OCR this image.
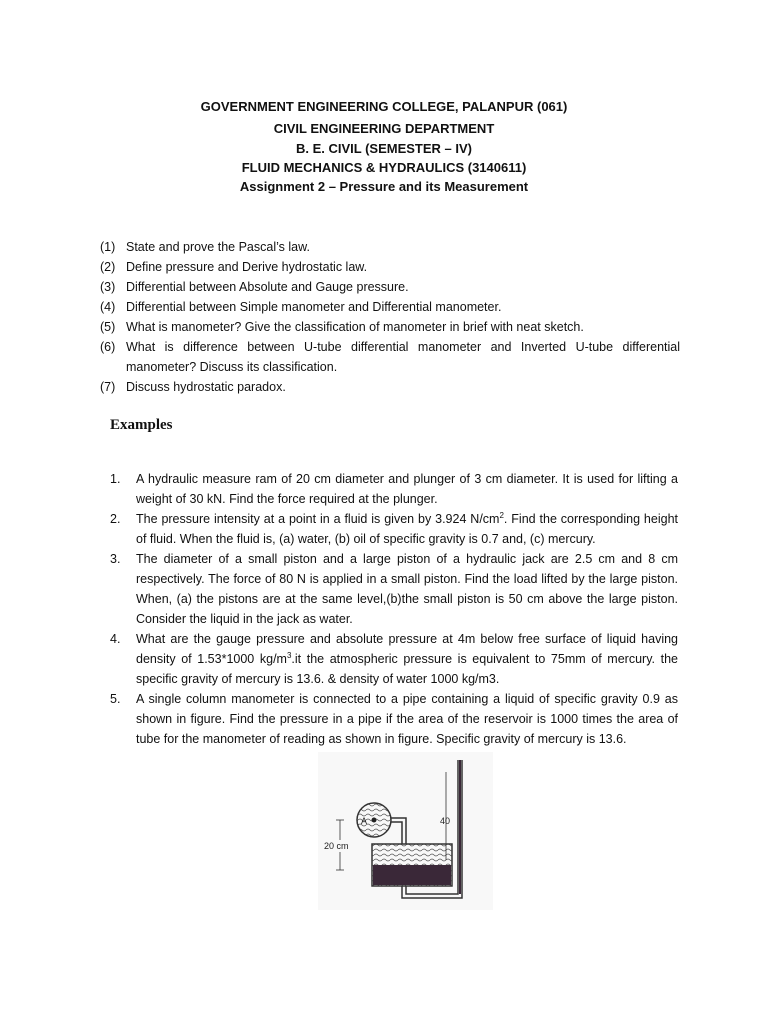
GOVERNMENT ENGINEERING COLLEGE, PALANPUR (061)
CIVIL ENGINEERING DEPARTMENT
B. E. CIVIL (SEMESTER – IV)
FLUID MECHANICS & HYDRAULICS (3140611)
Assignment 2 – Pressure and its Measurement
(1) State and prove the Pascal’s law.
(2) Define pressure and Derive hydrostatic law.
(3) Differential between Absolute and Gauge pressure.
(4) Differential between Simple manometer and Differential manometer.
(5) What is manometer? Give the classification of manometer in brief with neat sketch.
(6) What is difference between U-tube differential manometer and Inverted U-tube differential manometer? Discuss its classification.
(7) Discuss hydrostatic paradox.
Examples
1.	A hydraulic measure ram of 20 cm diameter and plunger of 3 cm diameter. It is used for lifting a weight of 30 kN. Find the force required at the plunger.
2.	The pressure intensity at a point in a fluid is given by 3.924 $N/cm^2$. Find the corresponding height of fluid. When the fluid is, (a) water, (b) oil of specific gravity is 0.7 and, (c) mercury.
3.	The diameter of a small piston and a large piston of a hydraulic jack are 2.5 cm and 8 cm respectively. The force of 80 N is applied in a small piston. Find the load lifted by the large piston. When, (a) the pistons are at the same level,(b)the small piston is 50 cm above the large piston. Consider the liquid in the jack as water.
4.	What are the gauge pressure and absolute pressure at 4m below free surface of liquid having density of 1.53*1000 $kg/m^3.it$ the atmospheric pressure is equivalent to 75mm of mercury. the specific gravity of mercury is 13.6. & density of water 1000 kg/m3.
5.	A single column manometer is connected to a pipe containing a liquid of specific gravity 0.9 as shown in figure. Find the pressure in a pipe if the area of the reservoir is 1000 times the area of tube for the manometer of reading as shown in figure. Specific gravity of mercury is 13.6.
A	40
20 cm
